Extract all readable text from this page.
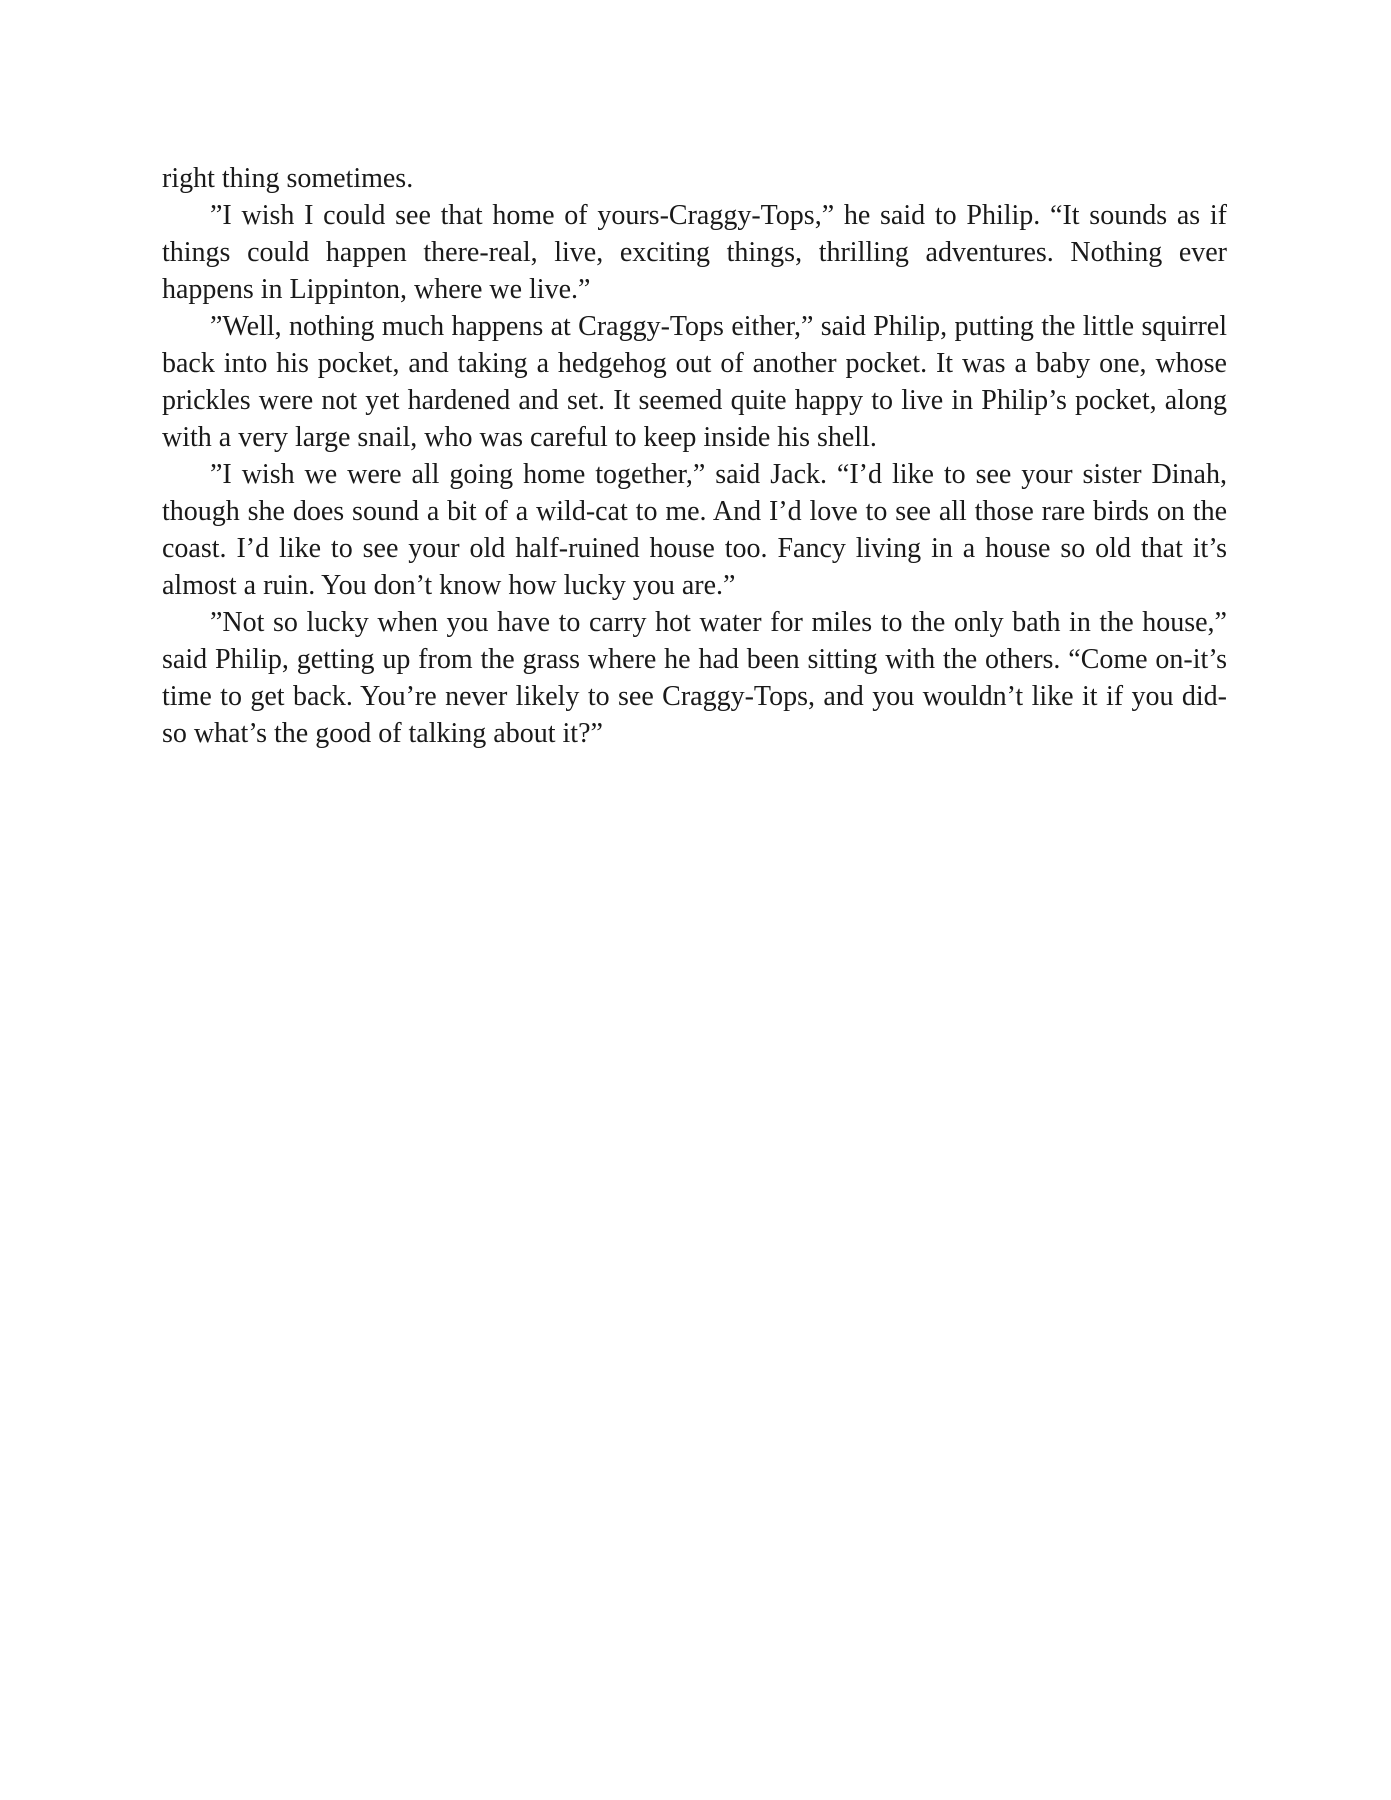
right thing sometimes.

”I wish I could see that home of yours-Craggy-Tops,” he said to Philip. “It sounds as if things could happen there-real, live, exciting things, thrilling adventures. Nothing ever happens in Lippinton, where we live.”

”Well, nothing much happens at Craggy-Tops either,” said Philip, putting the little squirrel back into his pocket, and taking a hedgehog out of another pocket. It was a baby one, whose prickles were not yet hardened and set. It seemed quite happy to live in Philip’s pocket, along with a very large snail, who was careful to keep inside his shell.

”I wish we were all going home together,” said Jack. “I’d like to see your sister Dinah, though she does sound a bit of a wild-cat to me. And I’d love to see all those rare birds on the coast. I’d like to see your old half-ruined house too. Fancy living in a house so old that it’s almost a ruin. You don’t know how lucky you are.”

”Not so lucky when you have to carry hot water for miles to the only bath in the house,” said Philip, getting up from the grass where he had been sitting with the others. “Come on-it’s time to get back. You’re never likely to see Craggy-Tops, and you wouldn’t like it if you did-so what’s the good of talking about it?”
